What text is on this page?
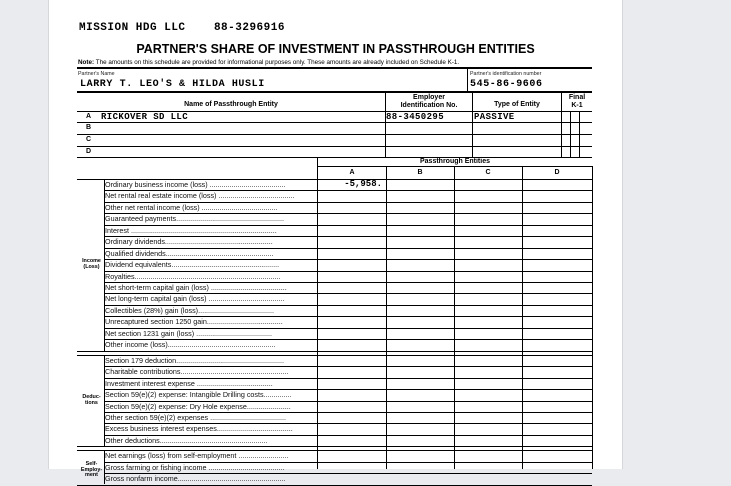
MISSION HDG LLC	88-3296916
PARTNER'S SHARE OF INVESTMENT IN PASSTHROUGH ENTITIES
Note: The amounts on this schedule are provided for informational purposes only. These amounts are already included on Schedule K-1.
Partner's Name	Partner's identification number
LARRY T. LEO'S & HILDA HUSLI	545-86-9606
Name of Passthrough Entity
Employer
Identification No.	Type of Entity
Final
K-1
Passthrough Entities
A RICKOVER SD LLC	88-3450295	PASSIVE
B
C
D
A	B	C	D
Ordinary business income (loss) ......................................	-5,958.
Net rental real estate income (loss) ......................................
Other net rental income (loss) ......................................
Guaranteed payments......................................................
Interest .........................................................................
Ordinary dividends......................................................
Qualified dividends......................................................
Dividend equivalents......................................................
Royalties.........................................................................
Net short-term capital gain (loss) ......................................
Net long-term capital gain (loss) ......................................
Collectibles (28%) gain (loss)......................................
Unrecaptured section 1250 gain......................................
Net section 1231 gain (loss) ......................................
Other income (loss)......................................................
Income
(Loss)
Section 179 deduction......................................................
Charitable contributions......................................................
Investment interest expense ......................................
Section 59(e)(2) expense: Intangible Drilling costs..............
Section 59(e)(2) expense: Dry Hole expense......................
Other section 59(e)(2) expenses ......................................
Excess business interest expenses......................................
Other deductions......................................................
Deduc-
tions
Net earnings (loss) from self-employment .........................
Gross farming or fishing income ......................................
Gross nonfarm income......................................................
Self-
Employ-
ment
